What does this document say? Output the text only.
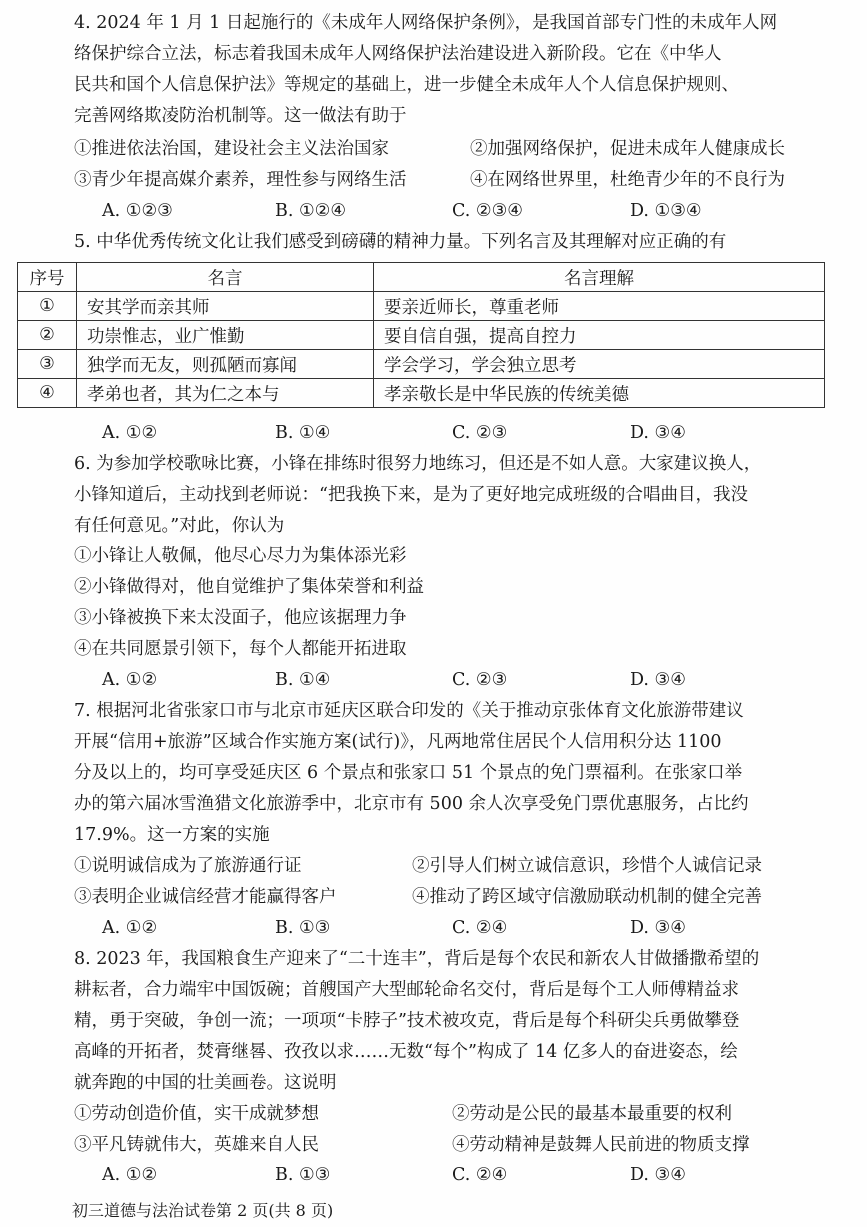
4. 2024 年 1 月 1 日起施行的《未成年人网络保护条例》，是我国首部专门性的未成年人网
络保护综合立法，标志着我国未成年人网络保护法治建设进入新阶段。它在《中华人
民共和国个人信息保护法》等规定的基础上，进一步健全未成年人个人信息保护规则、
完善网络欺凌防治机制等。这一做法有助于
①推进依法治国，建设社会主义法治国家	②加强网络保护，促进未成年人健康成长
③青少年提高媒介素养，理性参与网络生活	④在网络世界里，杜绝青少年的不良行为
A. ①②③	B. ①②④	C. ②③④	D. ①③④
5. 中华优秀传统文化让我们感受到磅礴的精神力量。下列名言及其理解对应正确的有
序号	名言	名言理解
①	安其学而亲其师	要亲近师长，尊重老师
②	功崇惟志，业广惟勤	要自信自强，提高自控力
③	独学而无友，则孤陋而寡闻	学会学习，学会独立思考
④	孝弟也者，其为仁之本与	孝亲敬长是中华民族的传统美德
A. ①②	B. ①④	C. ②③	D. ③④
6. 为参加学校歌咏比赛，小锋在排练时很努力地练习，但还是不如人意。大家建议换人，
小锋知道后，主动找到老师说：“把我换下来，是为了更好地完成班级的合唱曲目，我没
有任何意见。”对此，你认为
①小锋让人敬佩，他尽心尽力为集体添光彩
②小锋做得对，他自觉维护了集体荣誉和利益
③小锋被换下来太没面子，他应该据理力争
④在共同愿景引领下，每个人都能开拓进取
A. ①②	B. ①④	C. ②③	D. ③④
7. 根据河北省张家口市与北京市延庆区联合印发的《关于推动京张体育文化旅游带建议
开展“信用+旅游”区域合作实施方案(试行)》，凡两地常住居民个人信用积分达 1100
分及以上的，均可享受延庆区 6 个景点和张家口 51 个景点的免门票福利。在张家口举
办的第六届冰雪渔猎文化旅游季中，北京市有 500 余人次享受免门票优惠服务，占比约
17.9%。这一方案的实施
①说明诚信成为了旅游通行证	②引导人们树立诚信意识，珍惜个人诚信记录
③表明企业诚信经营才能赢得客户	④推动了跨区域守信激励联动机制的健全完善
A. ①②	B. ①③	C. ②④	D. ③④
8. 2023 年，我国粮食生产迎来了“二十连丰”，背后是每个农民和新农人甘做播撒希望的
耕耘者，合力端牢中国饭碗；首艘国产大型邮轮命名交付，背后是每个工人师傅精益求
精，勇于突破，争创一流；一项项“卡脖子”技术被攻克，背后是每个科研尖兵勇做攀登
高峰的开拓者，焚膏继晷、孜孜以求……无数“每个”构成了 14 亿多人的奋进姿态，绘
就奔跑的中国的壮美画卷。这说明
①劳动创造价值，实干成就梦想	②劳动是公民的最基本最重要的权利
③平凡铸就伟大，英雄来自人民	④劳动精神是鼓舞人民前进的物质支撑
A. ①②	B. ①③	C. ②④	D. ③④
初三道德与法治试卷第 2 页(共 8 页)
